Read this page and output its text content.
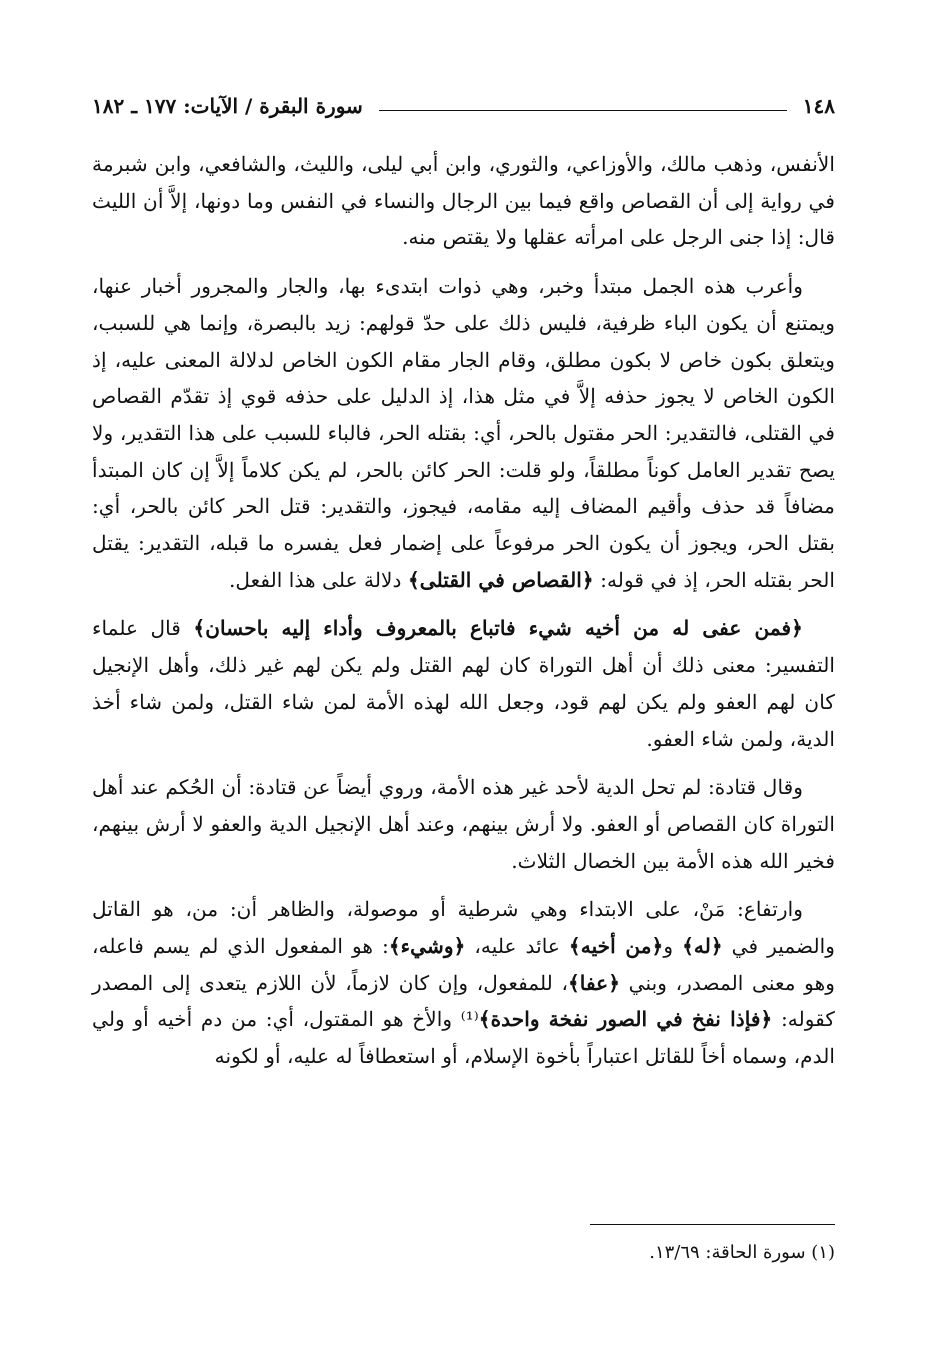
١٤٨
سورة البقرة / الآيات: ١٧٧ ـ ١٨٢

الأنفس، وذهب مالك، والأوزاعي، والثوري، وابن أبي ليلى، والليث، والشافعي، وابن شبرمة في رواية إلى أن القصاص واقع فيما بين الرجال والنساء في النفس وما دونها، إلاَّ أن الليث قال: إذا جنى الرجل على امرأته عقلها ولا يقتص منه.

وأعرب هذه الجمل مبتدأ وخبر، وهي ذوات ابتدىء بها، والجار والمجرور أخبار عنها، ويمتنع أن يكون الباء ظرفية، فليس ذلك على حدّ قولهم: زيد بالبصرة، وإنما هي للسبب، ويتعلق بكون خاص لا بكون مطلق، وقام الجار مقام الكون الخاص لدلالة المعنى عليه، إذ الكون الخاص لا يجوز حذفه إلاَّ في مثل هذا، إذ الدليل على حذفه قوي إذ تقدّم القصاص في القتلى، فالتقدير: الحر مقتول بالحر، أي: بقتله الحر، فالباء للسبب على هذا التقدير، ولا يصح تقدير العامل كوناً مطلقاً، ولو قلت: الحر كائن بالحر، لم يكن كلاماً إلاَّ إن كان المبتدأ مضافاً قد حذف وأقيم المضاف إليه مقامه، فيجوز، والتقدير: قتل الحر كائن بالحر، أي: بقتل الحر، ويجوز أن يكون الحر مرفوعاً على إضمار فعل يفسره ما قبله، التقدير: يقتل الحر بقتله الحر، إذ في قوله: ﴿القصاص في القتلى﴾ دلالة على هذا الفعل.

﴿فمن عفى له من أخيه شيء فاتباع بالمعروف وأداء إليه باحسان﴾ قال علماء التفسير: معنى ذلك أن أهل التوراة كان لهم القتل ولم يكن لهم غير ذلك، وأهل الإنجيل كان لهم العفو ولم يكن لهم قود، وجعل الله لهذه الأمة لمن شاء القتل، ولمن شاء أخذ الدية، ولمن شاء العفو.

وقال قتادة: لم تحل الدية لأحد غير هذه الأمة، وروي أيضاً عن قتادة: أن الحُكم عند أهل التوراة كان القصاص أو العفو. ولا أرش بينهم، وعند أهل الإنجيل الدية والعفو لا أرش بينهم، فخير الله هذه الأمة بين الخصال الثلاث.

وارتفاع: مَنْ، على الابتداء وهي شرطية أو موصولة، والظاهر أن: من، هو القاتل والضمير في ﴿له﴾ و﴿من أخيه﴾ عائد عليه، ﴿وشيء﴾: هو المفعول الذي لم يسم فاعله، وهو معنى المصدر، وبني ﴿عفا﴾، للمفعول، وإن كان لازماً، لأن اللازم يتعدى إلى المصدر كقوله: ﴿فإذا نفخ في الصور نفخة واحدة﴾⁽¹⁾ والأخ هو المقتول، أي: من دم أخيه أو ولي الدم، وسماه أخاً للقاتل اعتباراً بأخوة الإسلام، أو استعطافاً له عليه، أو لكونه

(١) سورة الحاقة: ١٣/٦٩.
